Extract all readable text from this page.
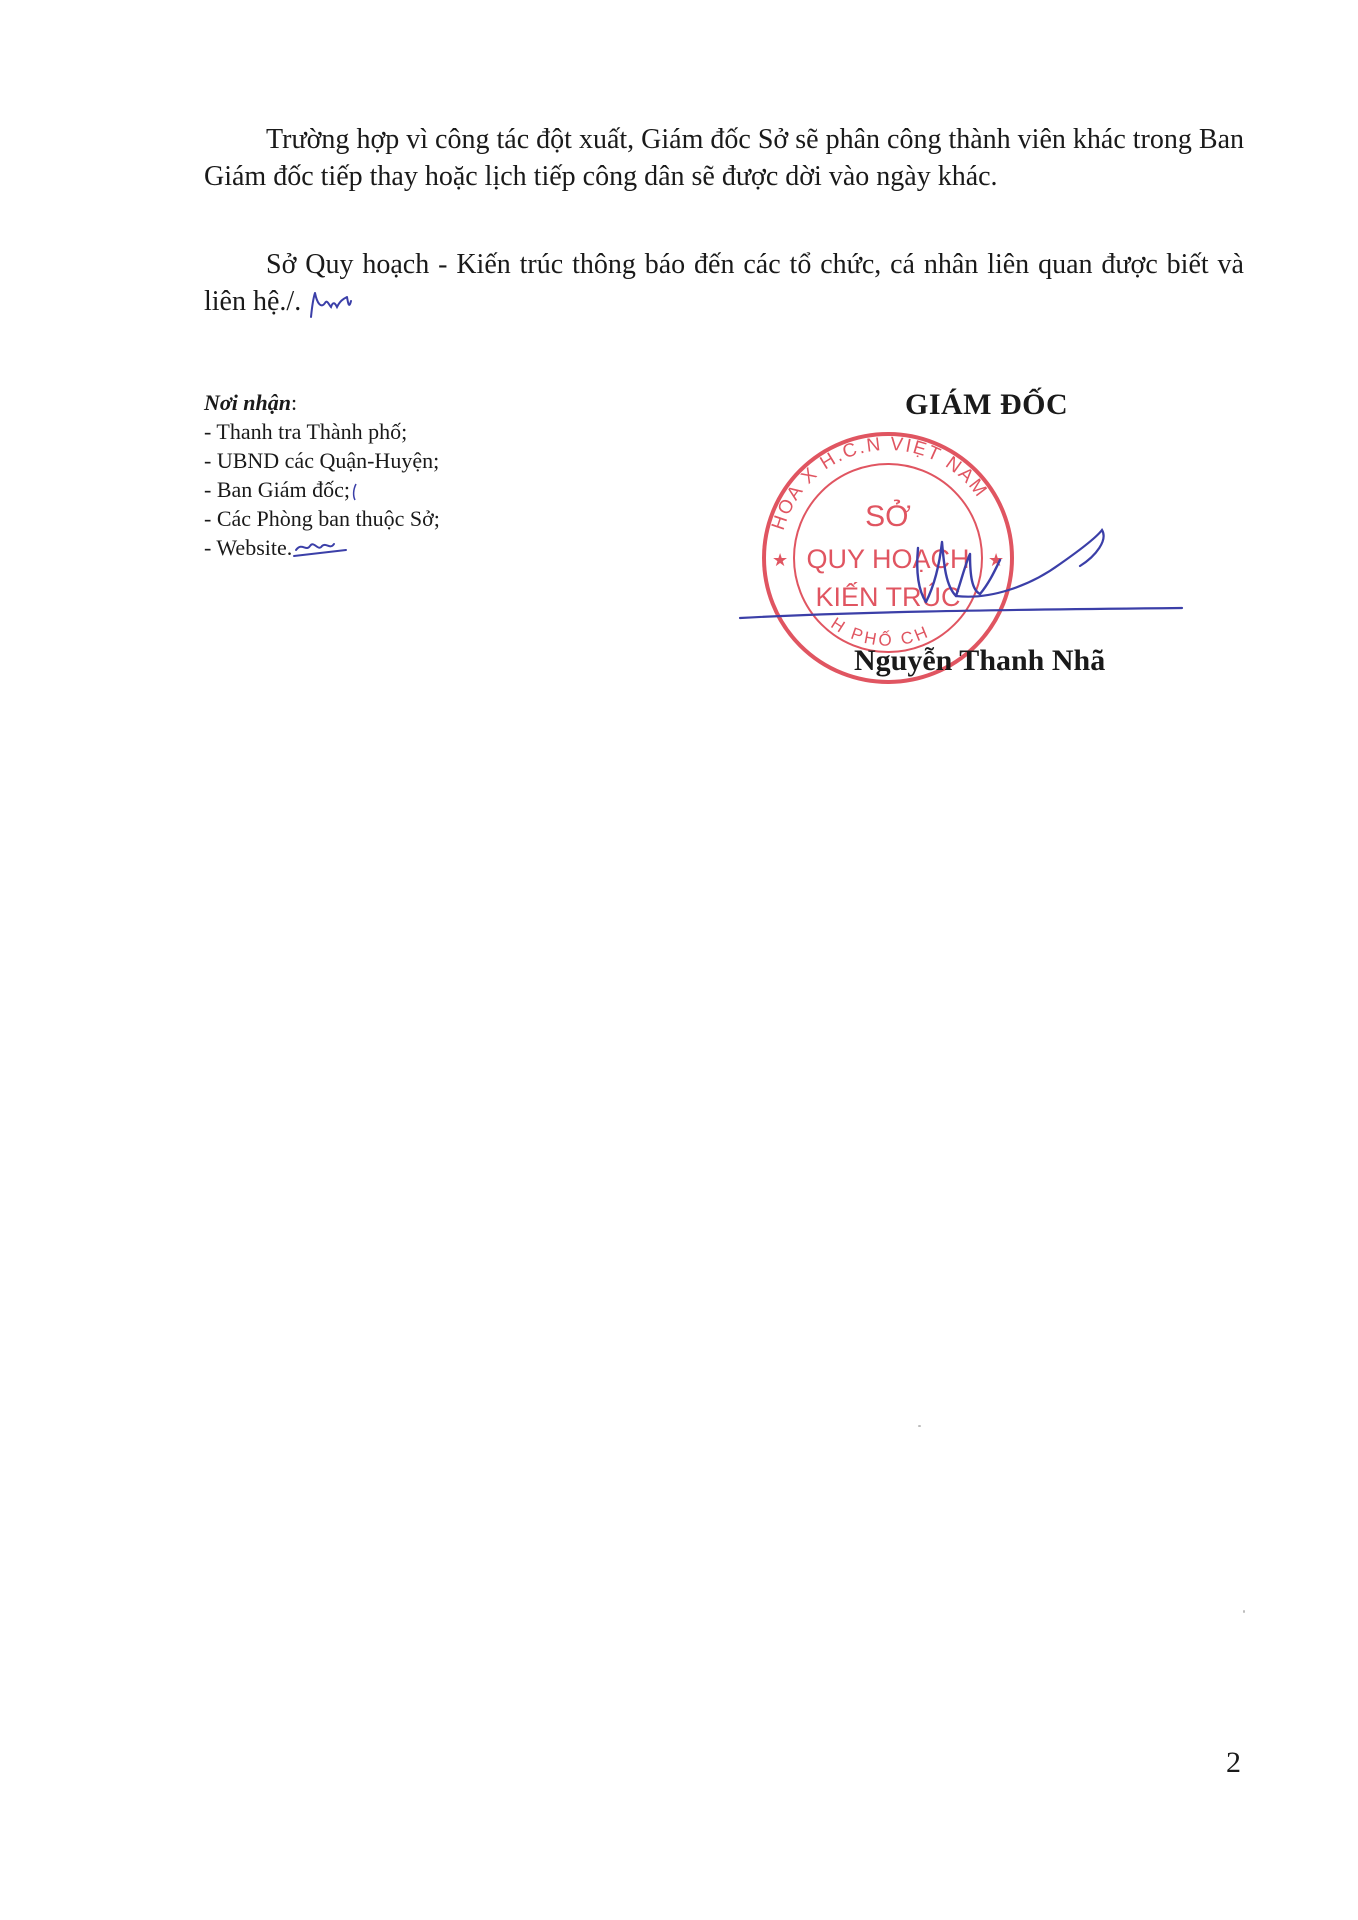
Trường hợp vì công tác đột xuất, Giám đốc Sở sẽ phân công thành viên khác trong Ban Giám đốc tiếp thay hoặc lịch tiếp công dân sẽ được dời vào ngày khác.

Sở Quy hoạch - Kiến trúc thông báo đến các tổ chức, cá nhân liên quan được biết và liên hệ./.

Nơi nhận:
- Thanh tra Thành phố;
- UBND các Quận-Huyện;
- Ban Giám đốc;
- Các Phòng ban thuộc Sở;
- Website.
GIÁM ĐỐC
HÒA X H.C.N VIỆT NAM
H PHỐ CH
SỞ
QUY HOẠCH
KIẾN TRÚC
★	★
Nguyễn Thanh Nhã
2
